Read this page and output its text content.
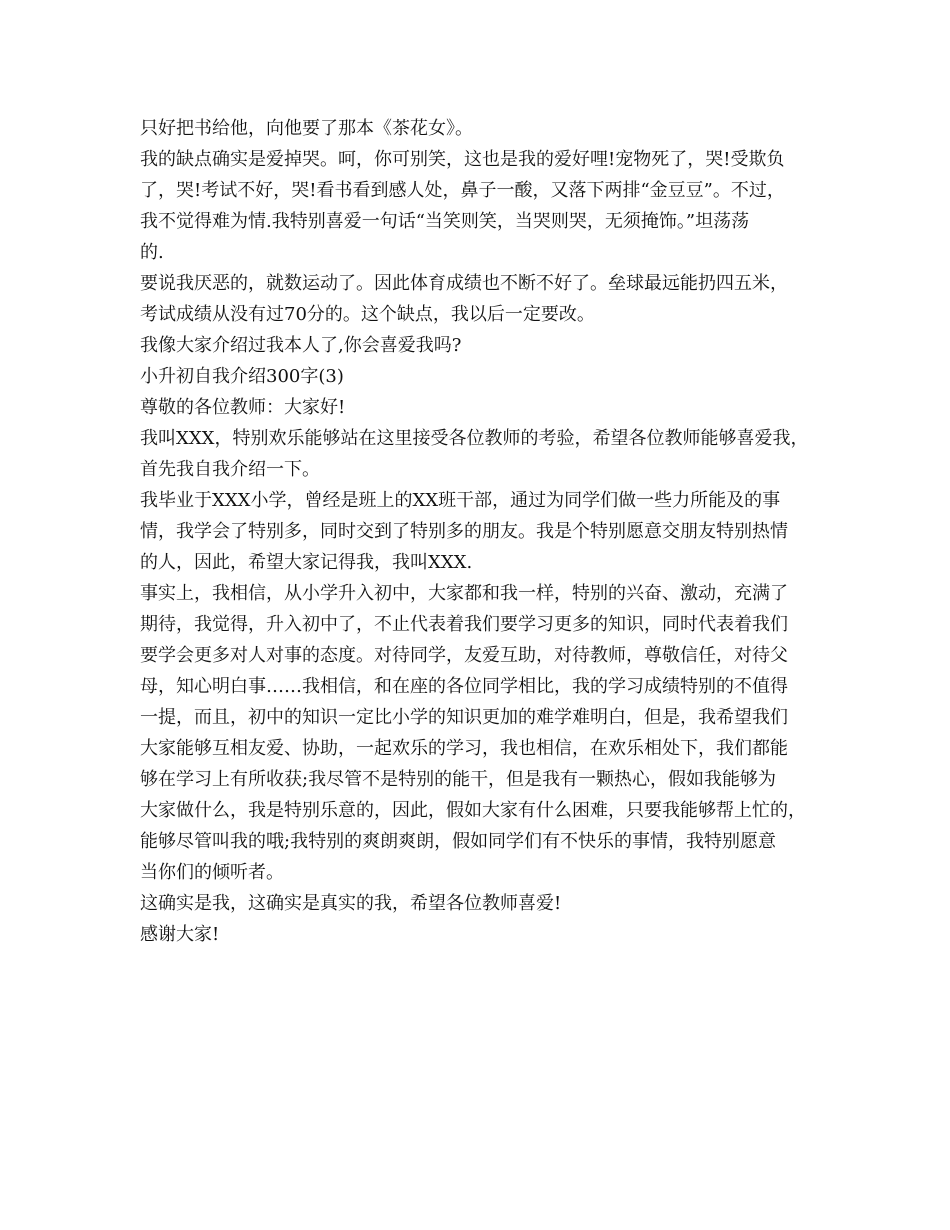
只好把书给他，向他要了那本《茶花女》。
我的缺点确实是爱掉哭。呵，你可别笑，这也是我的爱好哩!宠物死了，哭!受欺负
了，哭!考试不好，哭!看书看到感人处，鼻子一酸，又落下两排“金豆豆”。不过，
我不觉得难为情.我特别喜爱一句话“当笑则笑，当哭则哭，无须掩饰。”坦荡荡
的.
要说我厌恶的，就数运动了。因此体育成绩也不断不好了。垒球最远能扔四五米，
考试成绩从没有过70分的。这个缺点，我以后一定要改。
我像大家介绍过我本人了,你会喜爱我吗?
小升初自我介绍300字(3)
尊敬的各位教师：大家好!
我叫XXX，特别欢乐能够站在这里接受各位教师的考验，希望各位教师能够喜爱我，
首先我自我介绍一下。
我毕业于XXX小学，曾经是班上的XX班干部，通过为同学们做一些力所能及的事
情，我学会了特别多，同时交到了特别多的朋友。我是个特别愿意交朋友特别热情
的人，因此，希望大家记得我，我叫XXX.
事实上，我相信，从小学升入初中，大家都和我一样，特别的兴奋、激动，充满了
期待，我觉得，升入初中了，不止代表着我们要学习更多的知识，同时代表着我们
要学会更多对人对事的态度。对待同学，友爱互助，对待教师，尊敬信任，对待父
母，知心明白事……我相信，和在座的各位同学相比，我的学习成绩特别的不值得
一提，而且，初中的知识一定比小学的知识更加的难学难明白，但是，我希望我们
大家能够互相友爱、协助，一起欢乐的学习，我也相信，在欢乐相处下，我们都能
够在学习上有所收获;我尽管不是特别的能干，但是我有一颗热心，假如我能够为
大家做什么，我是特别乐意的，因此，假如大家有什么困难，只要我能够帮上忙的，
能够尽管叫我的哦;我特别的爽朗爽朗，假如同学们有不快乐的事情，我特别愿意
当你们的倾听者。
这确实是我，这确实是真实的我，希望各位教师喜爱!
感谢大家!
